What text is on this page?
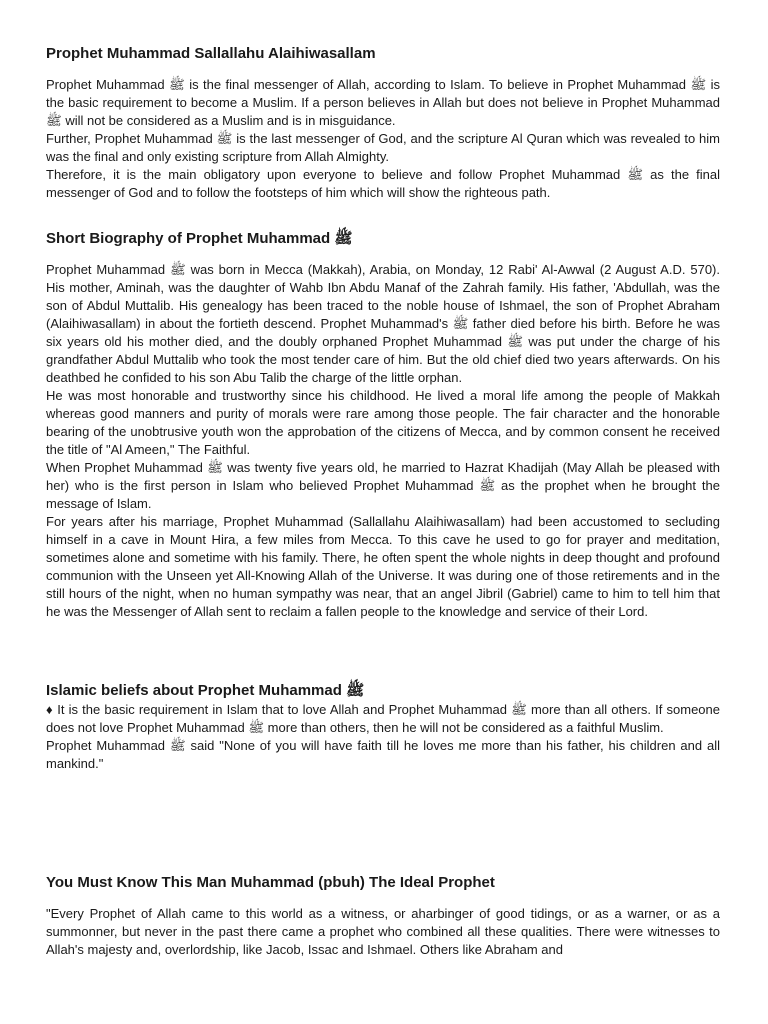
Prophet Muhammad Sallallahu Alaihiwasallam

Prophet Muhammad ﷺ is the final messenger of Allah, according to Islam. To believe in Prophet Muhammad ﷺ is the basic requirement to become a Muslim. If a person believes in Allah but does not believe in Prophet Muhammad ﷺ will not be considered as a Muslim and is in misguidance.

Further, Prophet Muhammad ﷺ is the last messenger of God, and the scripture Al Quran which was revealed to him was the final and only existing scripture from Allah Almighty.

Therefore, it is the main obligatory upon everyone to believe and follow Prophet Muhammad ﷺ as the final messenger of God and to follow the footsteps of him which will show the righteous path.

Short Biography of Prophet Muhammad ﷺ

Prophet Muhammad ﷺ was born in Mecca (Makkah), Arabia, on Monday, 12 Rabi' Al-Awwal (2 August A.D. 570). His mother, Aminah, was the daughter of Wahb Ibn Abdu Manaf of the Zahrah family. His father, 'Abdullah, was the son of Abdul Muttalib. His genealogy has been traced to the noble house of Ishmael, the son of Prophet Abraham (Alaihiwasallam) in about the fortieth descend. Prophet Muhammad's ﷺ father died before his birth. Before he was six years old his mother died, and the doubly orphaned Prophet Muhammad ﷺ was put under the charge of his grandfather Abdul Muttalib who took the most tender care of him. But the old chief died two years afterwards. On his deathbed he confided to his son Abu Talib the charge of the little orphan.

He was most honorable and trustworthy since his childhood. He lived a moral life among the people of Makkah whereas good manners and purity of morals were rare among those people. The fair character and the honorable bearing of the unobtrusive youth won the approbation of the citizens of Mecca, and by common consent he received the title of "Al Ameen," The Faithful.

When Prophet Muhammad ﷺ was twenty five years old, he married to Hazrat Khadijah (May Allah be pleased with her) who is the first person in Islam who believed Prophet Muhammad ﷺ as the prophet when he brought the message of Islam.

For years after his marriage, Prophet Muhammad (Sallallahu Alaihiwasallam) had been accustomed to secluding himself in a cave in Mount Hira, a few miles from Mecca. To this cave he used to go for prayer and meditation, sometimes alone and sometime with his family. There, he often spent the whole nights in deep thought and profound communion with the Unseen yet All-Knowing Allah of the Universe. It was during one of those retirements and in the still hours of the night, when no human sympathy was near, that an angel Jibril (Gabriel) came to him to tell him that he was the Messenger of Allah sent to reclaim a fallen people to the knowledge and service of their Lord.

Islamic beliefs about Prophet Muhammad ﷺ

♦ It is the basic requirement in Islam that to love Allah and Prophet Muhammad ﷺ more than all others. If someone does not love Prophet Muhammad ﷺ more than others, then he will not be considered as a faithful Muslim.

Prophet Muhammad ﷺ said "None of you will have faith till he loves me more than his father, his children and all mankind."

You Must Know This Man Muhammad (pbuh) The Ideal Prophet

"Every Prophet of Allah came to this world as a witness, or aharbinger of good tidings, or as a warner, or as a summonner, but never in the past there came a prophet who combined all these qualities. There were witnesses to Allah's majesty and, overlordship, like Jacob, Issac and Ishmael. Others like Abraham and
